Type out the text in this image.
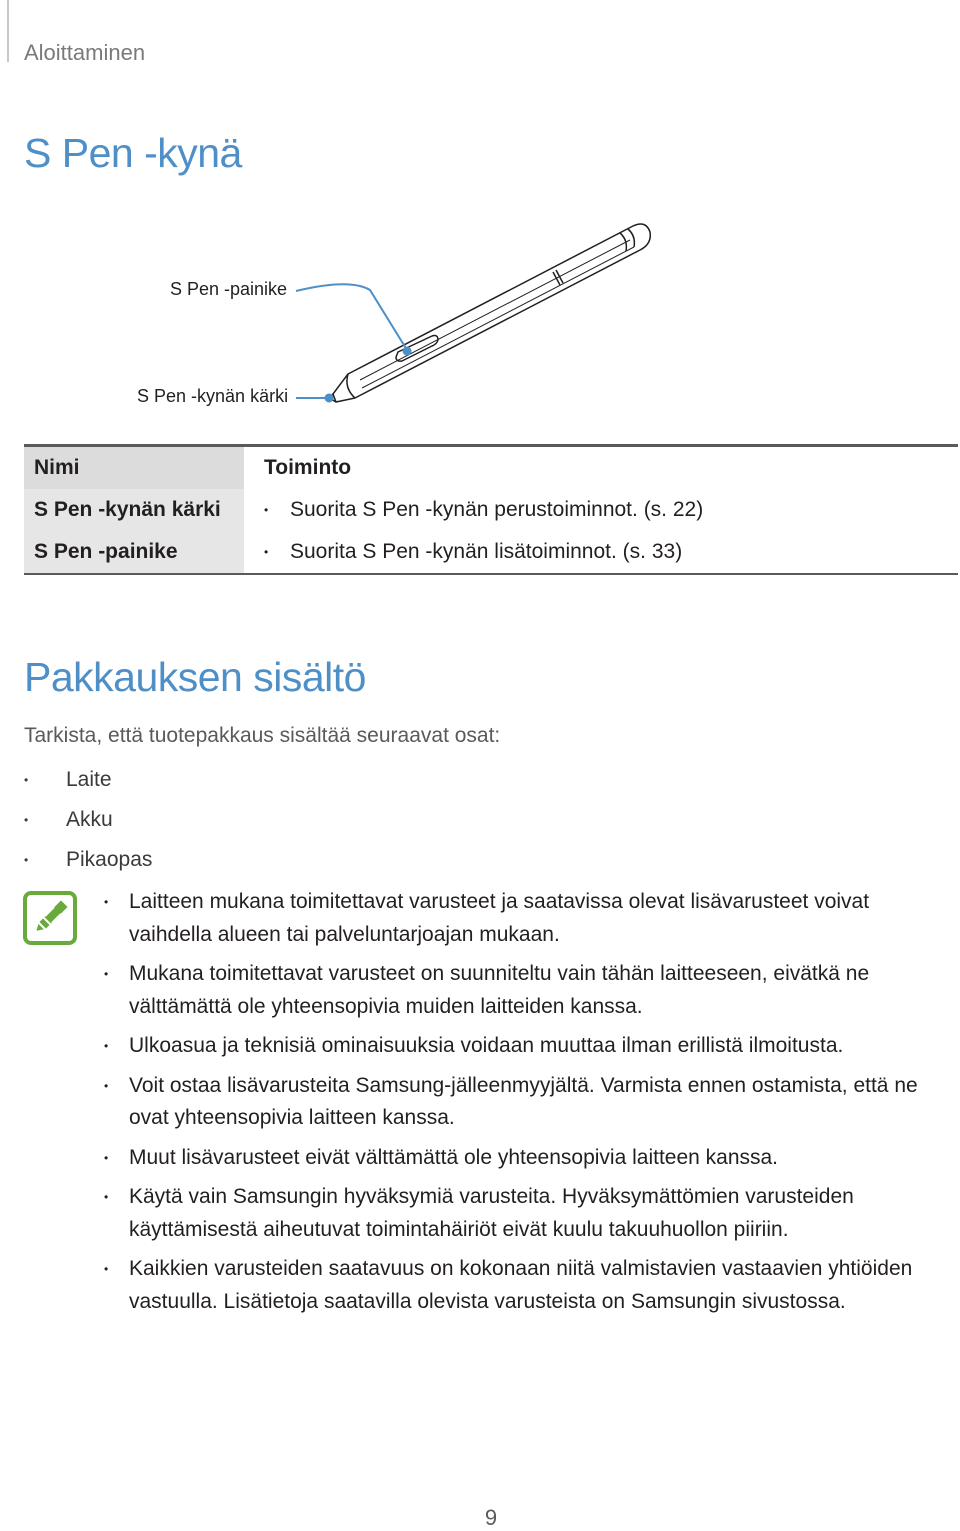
Aloittaminen
S Pen -kynä
S Pen -painike
S Pen -kynän kärki
Nimi	Toiminto
S Pen -kynän kärki	• Suorita S Pen -kynän perustoiminnot. (s. 22)
S Pen -painike	• Suorita S Pen -kynän lisätoiminnot. (s. 33)
Pakkauksen sisältö
Tarkista, että tuotepakkaus sisältää seuraavat osat:
• Laite
• Akku
• Pikaopas
• Laitteen mukana toimitettavat varusteet ja saatavissa olevat lisävarusteet voivat vaihdella alueen tai palveluntarjoajan mukaan.
• Mukana toimitettavat varusteet on suunniteltu vain tähän laitteeseen, eivätkä ne välttämättä ole yhteensopivia muiden laitteiden kanssa.
• Ulkoasua ja teknisiä ominaisuuksia voidaan muuttaa ilman erillistä ilmoitusta.
• Voit ostaa lisävarusteita Samsung-jälleenmyyjältä. Varmista ennen ostamista, että ne ovat yhteensopivia laitteen kanssa.
• Muut lisävarusteet eivät välttämättä ole yhteensopivia laitteen kanssa.
• Käytä vain Samsungin hyväksymiä varusteita. Hyväksymättömien varusteiden käyttämisestä aiheutuvat toimintahäiriöt eivät kuulu takuuhuollon piiriin.
• Kaikkien varusteiden saatavuus on kokonaan niitä valmistavien vastaavien yhtiöiden vastuulla. Lisätietoja saatavilla olevista varusteista on Samsungin sivustossa.
9
